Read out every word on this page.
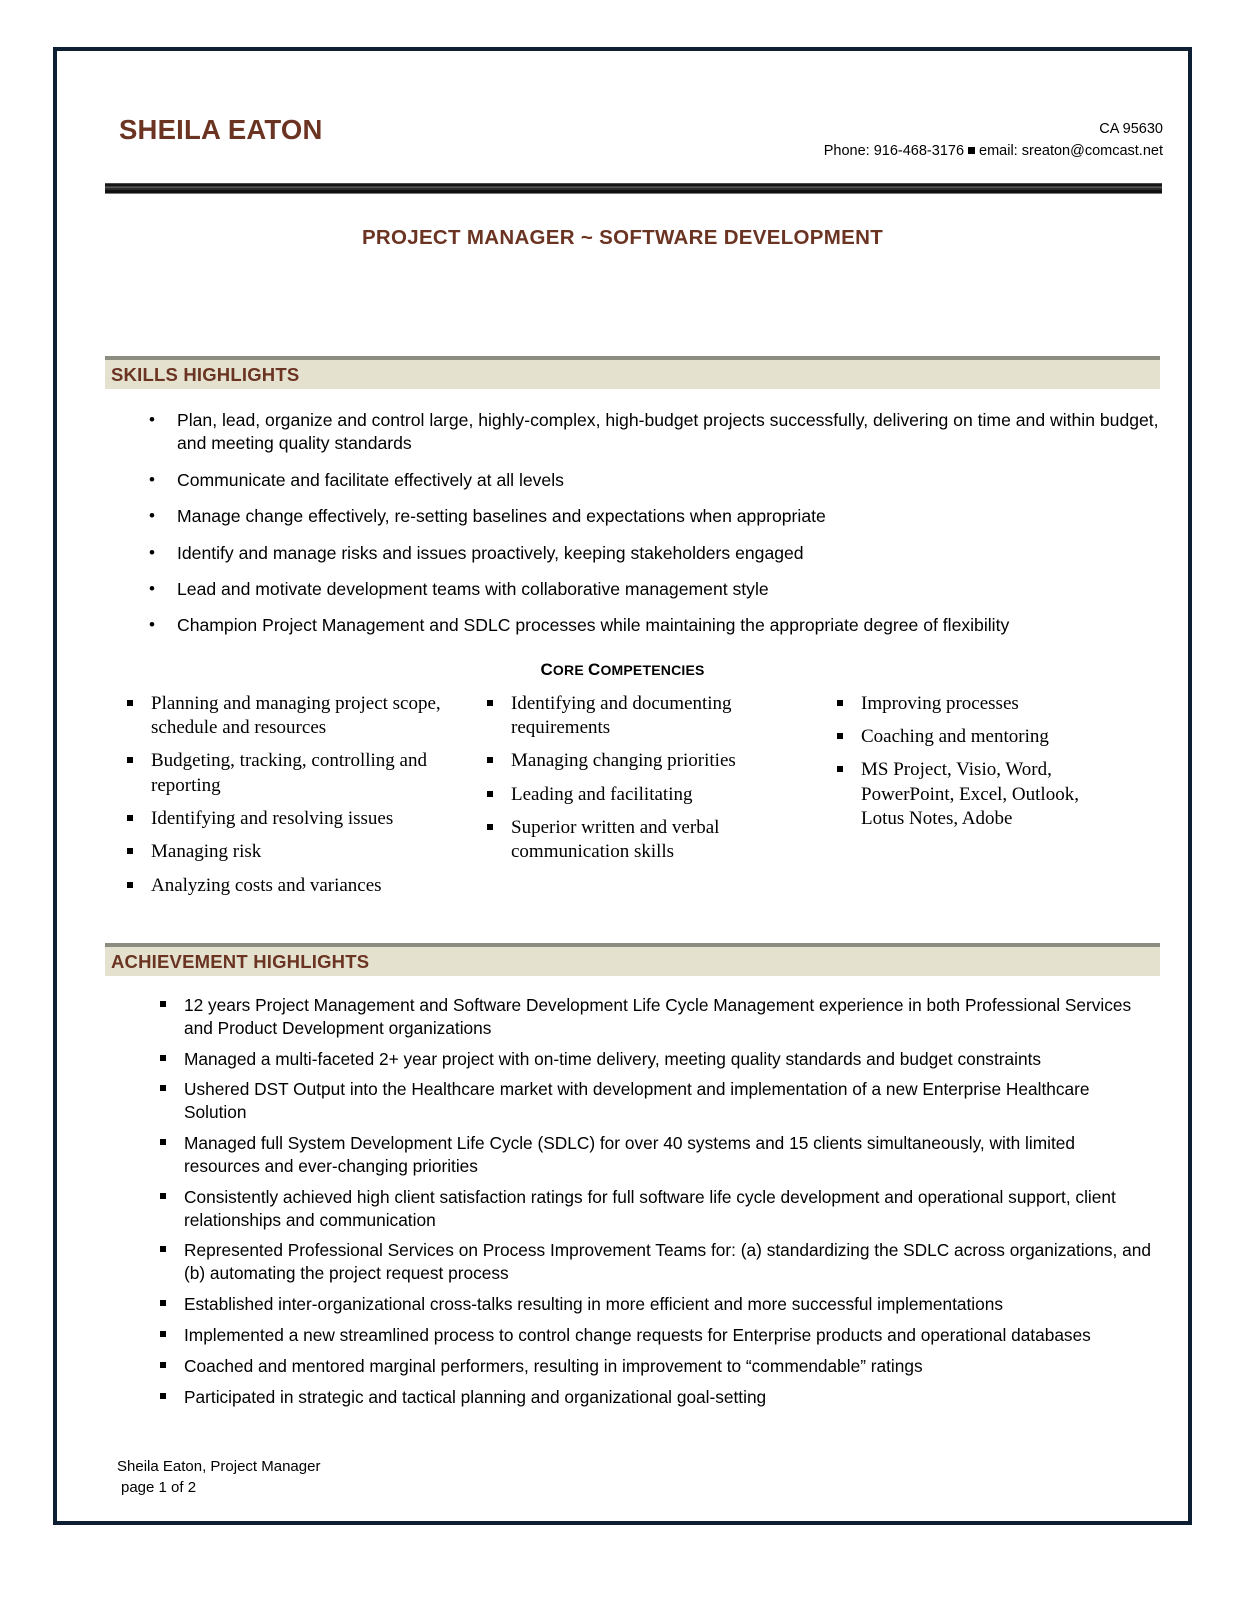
SHEILA EATON	CA 95630
Phone: 916-468-3176 email: sreaton@comcast.net
PROJECT MANAGER ~ SOFTWARE DEVELOPMENT
SKILLS HIGHLIGHTS
• Plan, lead, organize and control large, highly-complex, high-budget projects successfully, delivering on time and within budget, and meeting quality standards
• Communicate and facilitate effectively at all levels
• Manage change effectively, re-setting baselines and expectations when appropriate
• Identify and manage risks and issues proactively, keeping stakeholders engaged
• Lead and motivate development teams with collaborative management style
• Champion Project Management and SDLC processes while maintaining the appropriate degree of flexibility
CORE COMPETENCIES
Planning and managing project scope, schedule and resources
Budgeting, tracking, controlling and reporting
Identifying and resolving issues
Managing risk
Analyzing costs and variances
Identifying and documenting requirements
Managing changing priorities
Leading and facilitating
Superior written and verbal communication skills
Improving processes
Coaching and mentoring
MS Project, Visio, Word, PowerPoint, Excel, Outlook, Lotus Notes, Adobe
ACHIEVEMENT HIGHLIGHTS
12 years Project Management and Software Development Life Cycle Management experience in both Professional Services and Product Development organizations
Managed a multi-faceted 2+ year project with on-time delivery, meeting quality standards and budget constraints
Ushered DST Output into the Healthcare market with development and implementation of a new Enterprise Healthcare Solution
Managed full System Development Life Cycle (SDLC) for over 40 systems and 15 clients simultaneously, with limited resources and ever-changing priorities
Consistently achieved high client satisfaction ratings for full software life cycle development and operational support, client relationships and communication
Represented Professional Services on Process Improvement Teams for: (a) standardizing the SDLC across organizations, and (b) automating the project request process
Established inter-organizational cross-talks resulting in more efficient and more successful implementations
Implemented a new streamlined process to control change requests for Enterprise products and operational databases
Coached and mentored marginal performers, resulting in improvement to “commendable” ratings
Participated in strategic and tactical planning and organizational goal-setting
Sheila Eaton, Project Manager
page 1 of 2
